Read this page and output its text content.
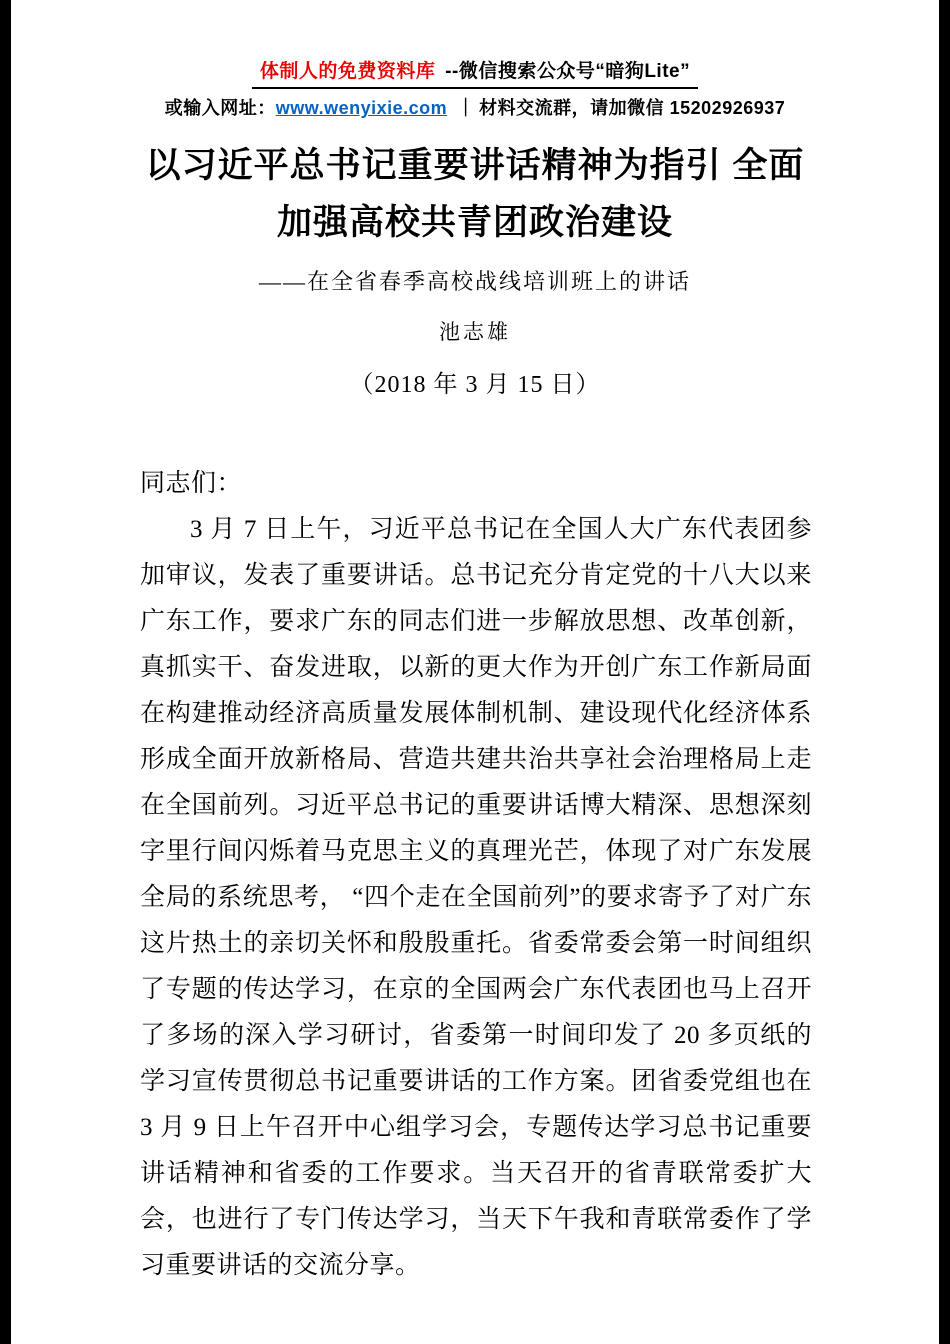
体制人的免费资料库 --微信搜索公众号“暗狗Lite”
或输入网址：www.wenyixie.com ｜ 材料交流群，请加微信 15202926937
以习近平总书记重要讲话精神为指引 全面
加强高校共青团政治建设
——在全省春季高校战线培训班上的讲话
池志雄
（2018 年 3 月 15 日）

同志们：

3 月 7 日上午，习近平总书记在全国人大广东代表团参加审议，发表了重要讲话。总书记充分肯定党的十八大以来广东工作，要求广东的同志们进一步解放思想、改革创新，真抓实干、奋发进取，以新的更大作为开创广东工作新局面在构建推动经济高质量发展体制机制、建设现代化经济体系形成全面开放新格局、营造共建共治共享社会治理格局上走在全国前列。习近平总书记的重要讲话博大精深、思想深刻字里行间闪烁着马克思主义的真理光芒，体现了对广东发展全局的系统思考， “四个走在全国前列”的要求寄予了对广东这片热土的亲切关怀和殷殷重托。省委常委会第一时间组织了专题的传达学习，在京的全国两会广东代表团也马上召开了多场的深入学习研讨，省委第一时间印发了 20 多页纸的学习宣传贯彻总书记重要讲话的工作方案。团省委党组也在 3 月 9 日上午召开中心组学习会，专题传达学习总书记重要讲话精神和省委的工作要求。当天召开的省青联常委扩大会，也进行了专门传达学习，当天下午我和青联常委作了学习重要讲话的交流分享。
